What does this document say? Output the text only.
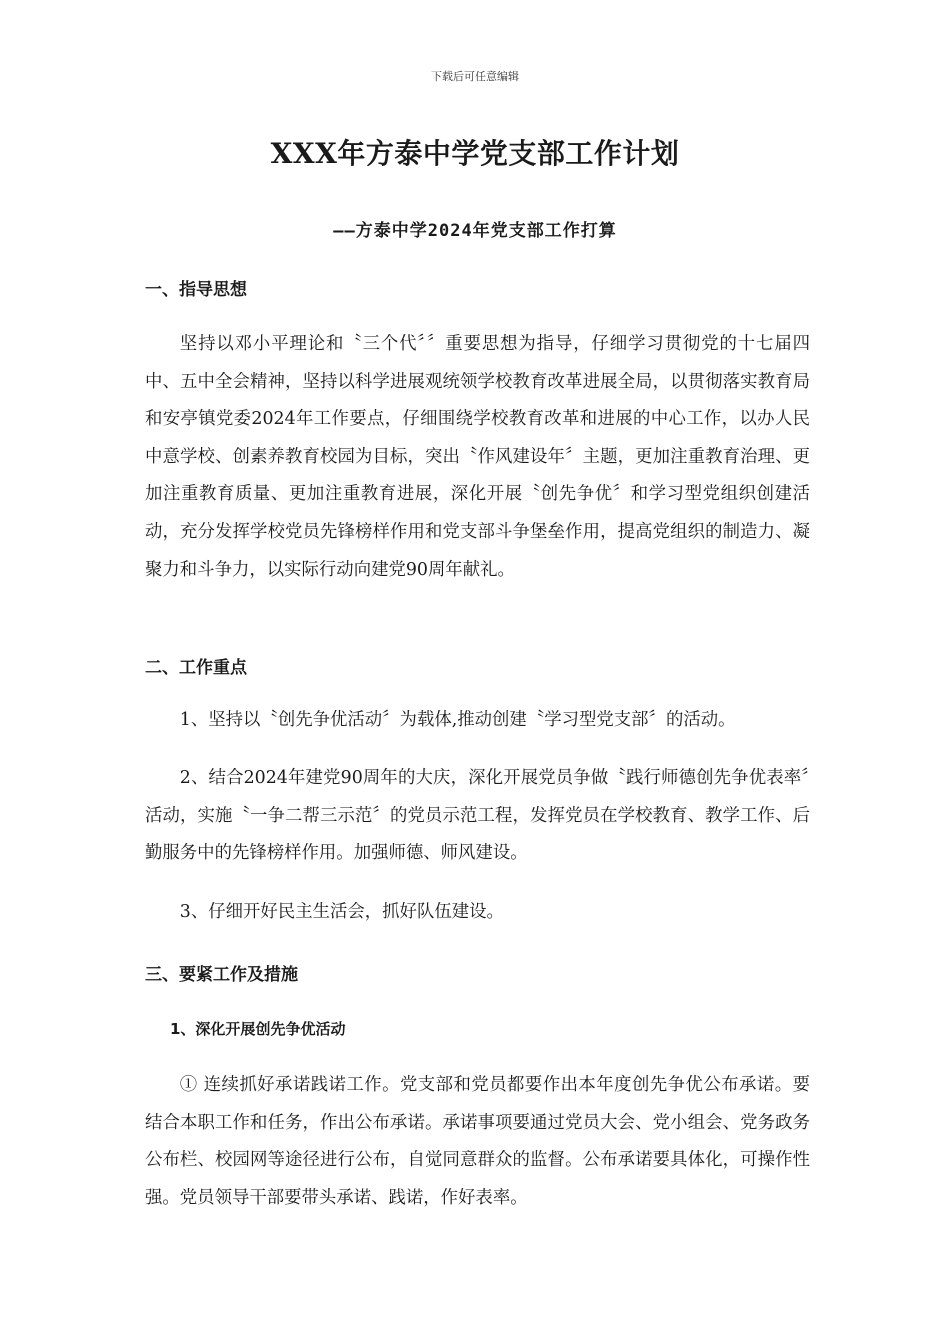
下载后可任意编辑
XXX年方泰中学党支部工作计划
——方泰中学2024年党支部工作打算
一、指导思想

坚持以邓小平理论和〝三个代〞〞重要思想为指导，仔细学习贯彻党的十七届四中、五中全会精神，坚持以科学进展观统领学校教育改革进展全局，以贯彻落实教育局和安亭镇党委2024年工作要点，仔细围绕学校教育改革和进展的中心工作，以办人民中意学校、创素养教育校园为目标，突出〝作风建设年〞主题，更加注重教育治理、更加注重教育质量、更加注重教育进展，深化开展〝创先争优〞和学习型党组织创建活动，充分发挥学校党员先锋榜样作用和党支部斗争堡垒作用，提高党组织的制造力、凝聚力和斗争力，以实际行动向建党90周年献礼。

二、工作重点

1、坚持以〝创先争优活动〞为载体,推动创建〝学习型党支部〞的活动。

2、结合2024年建党90周年的大庆，深化开展党员争做〝践行师德创先争优表率〞活动，实施〝一争二帮三示范〞的党员示范工程，发挥党员在学校教育、教学工作、后勤服务中的先锋榜样作用。加强师德、师风建设。

3、仔细开好民主生活会，抓好队伍建设。

三、要紧工作及措施
1、深化开展创先争优活动

① 连续抓好承诺践诺工作。党支部和党员都要作出本年度创先争优公布承诺。要结合本职工作和任务，作出公布承诺。承诺事项要通过党员大会、党小组会、党务政务公布栏、校园网等途径进行公布，自觉同意群众的监督。公布承诺要具体化，可操作性强。党员领导干部要带头承诺、践诺，作好表率。
